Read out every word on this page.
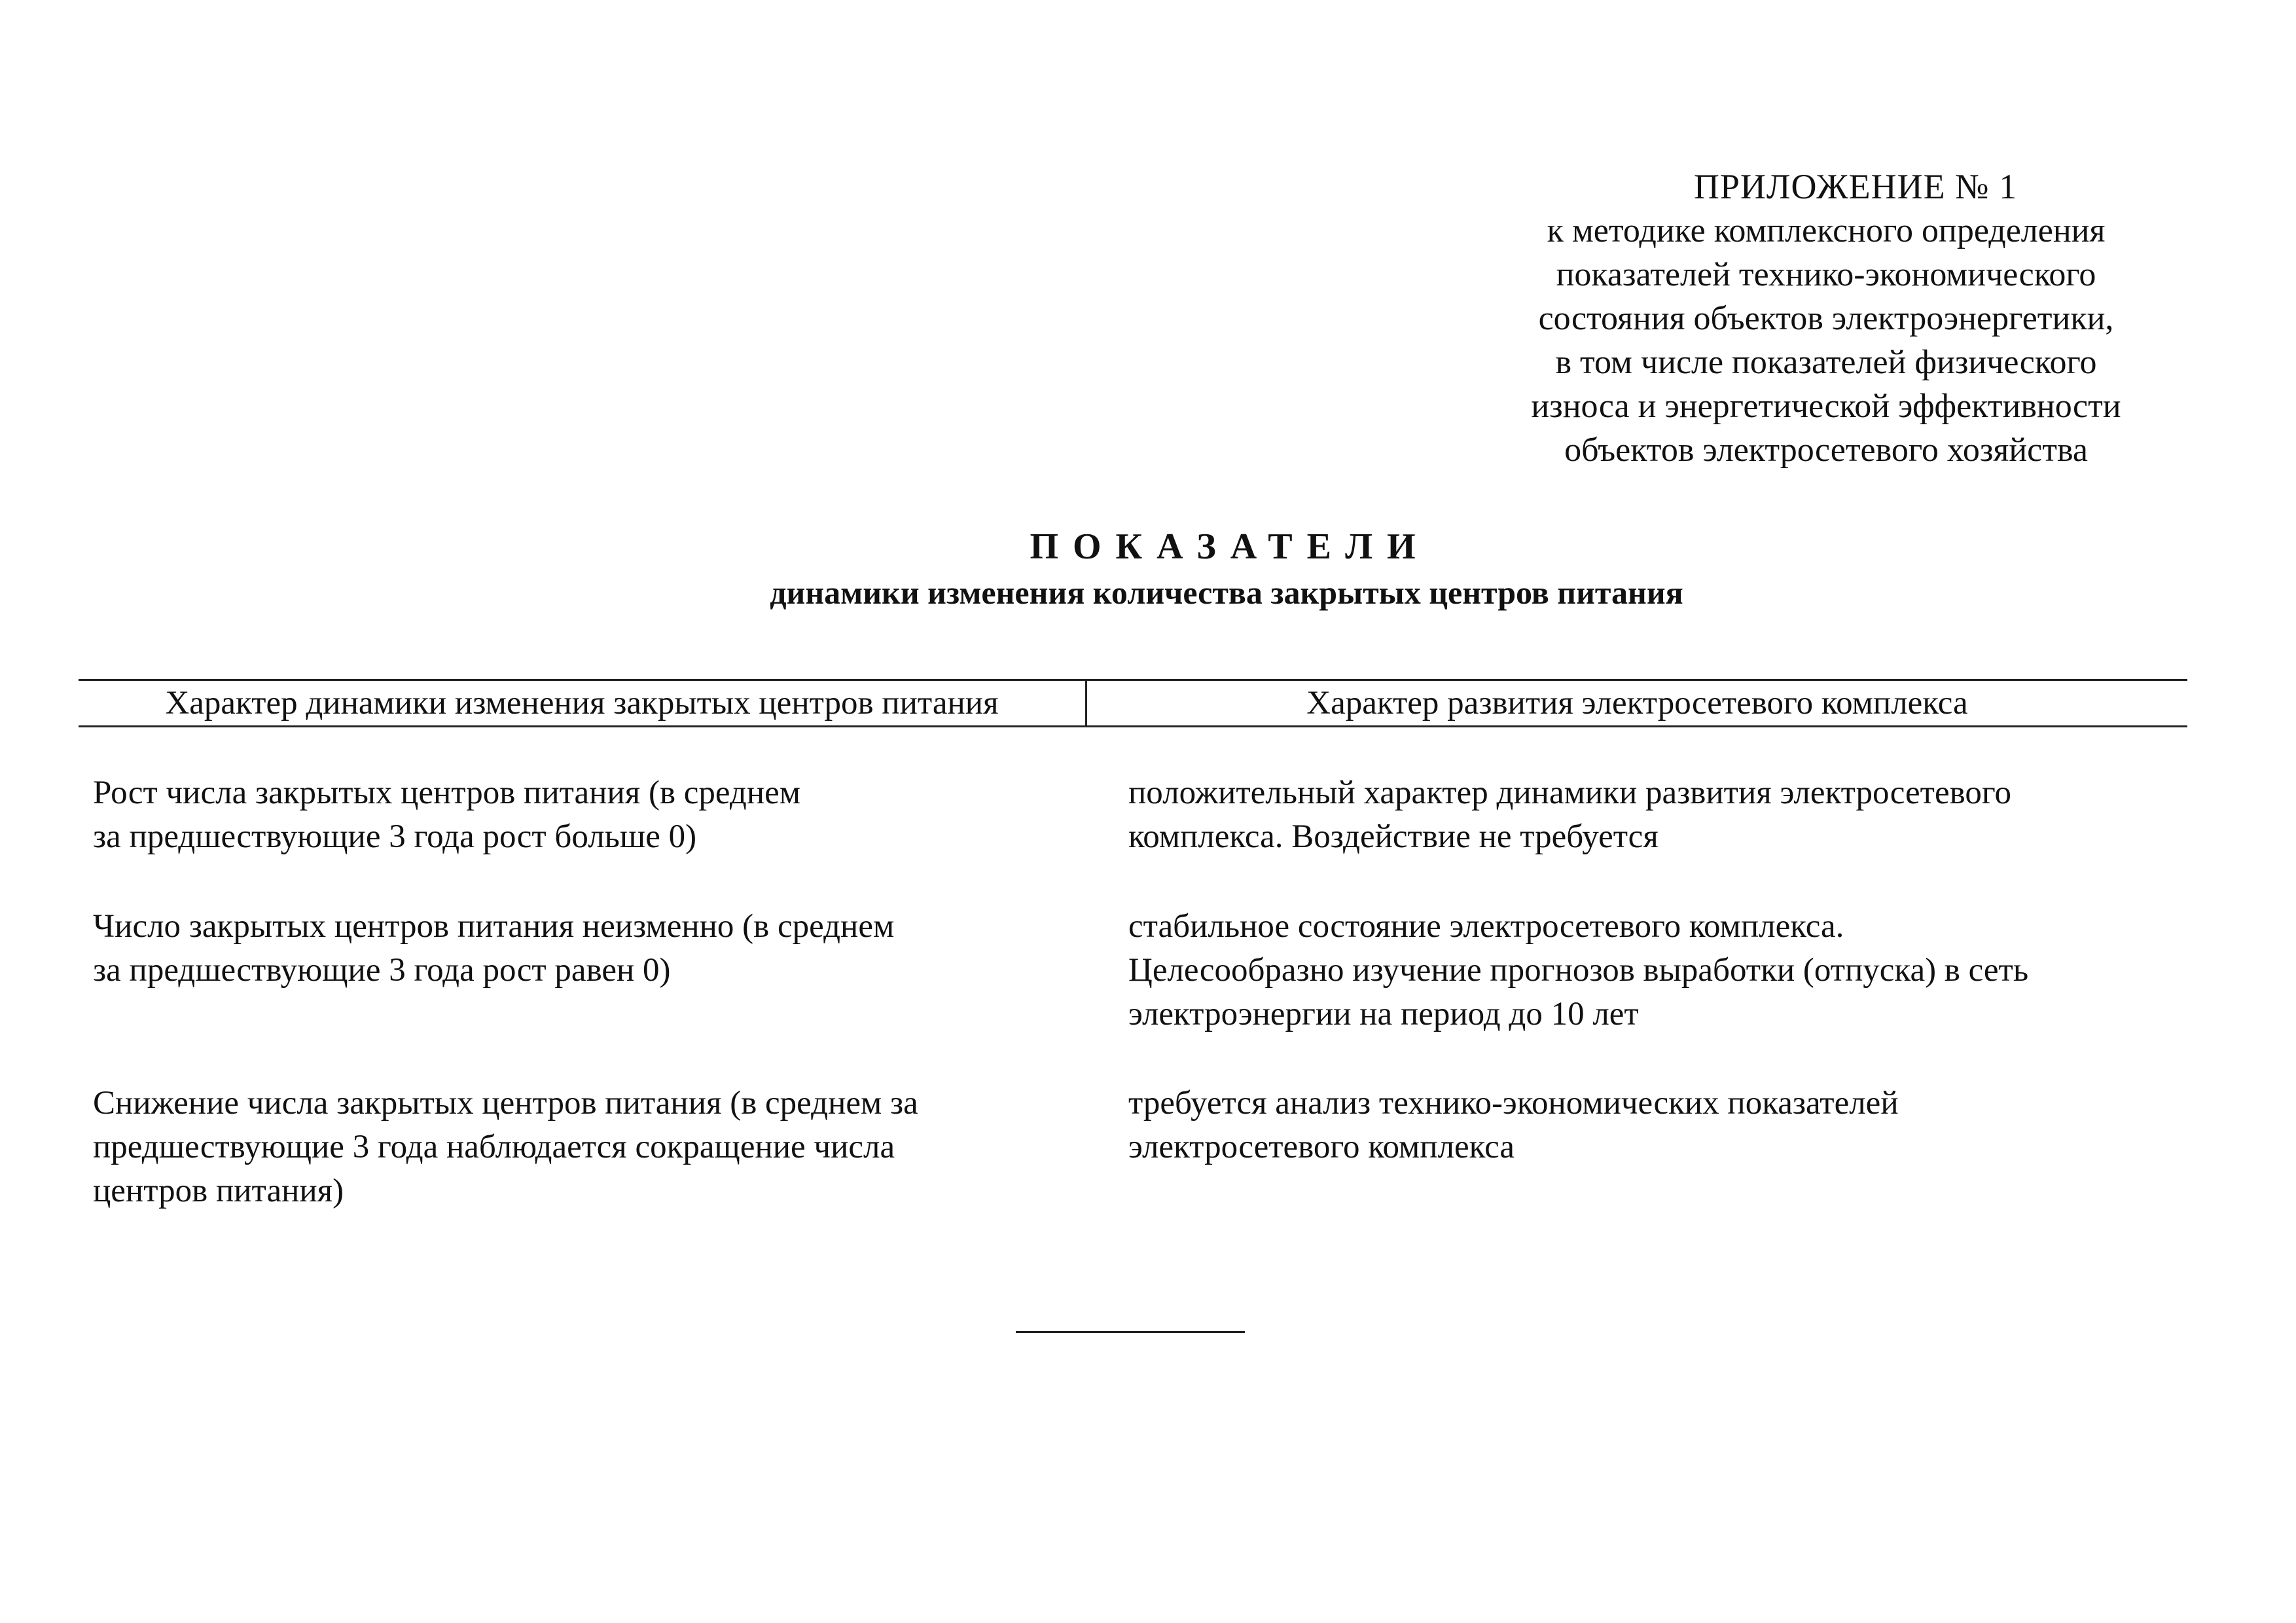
ПРИЛОЖЕНИЕ № 1
к методике комплексного определения
показателей технико-экономического
состояния объектов электроэнергетики,
в том числе показателей физического
износа и энергетической эффективности
объектов электросетевого хозяйства
ПОКАЗАТЕЛИ
динамики изменения количества закрытых центров питания
Характер динамики изменения закрытых центров питания	Характер развития электросетевого комплекса
Рост числа закрытых центров питания (в среднем
за предшествующие 3 года рост больше 0)
положительный характер динамики развития электросетевого
комплекса. Воздействие не требуется
Число закрытых центров питания неизменно (в среднем
за предшествующие 3 года рост равен 0)
стабильное состояние электросетевого комплекса.
Целесообразно изучение прогнозов выработки (отпуска) в сеть
электроэнергии на период до 10 лет
Снижение числа закрытых центров питания (в среднем за
предшествующие 3 года наблюдается сокращение числа
центров питания)
требуется анализ технико-экономических показателей
электросетевого комплекса
